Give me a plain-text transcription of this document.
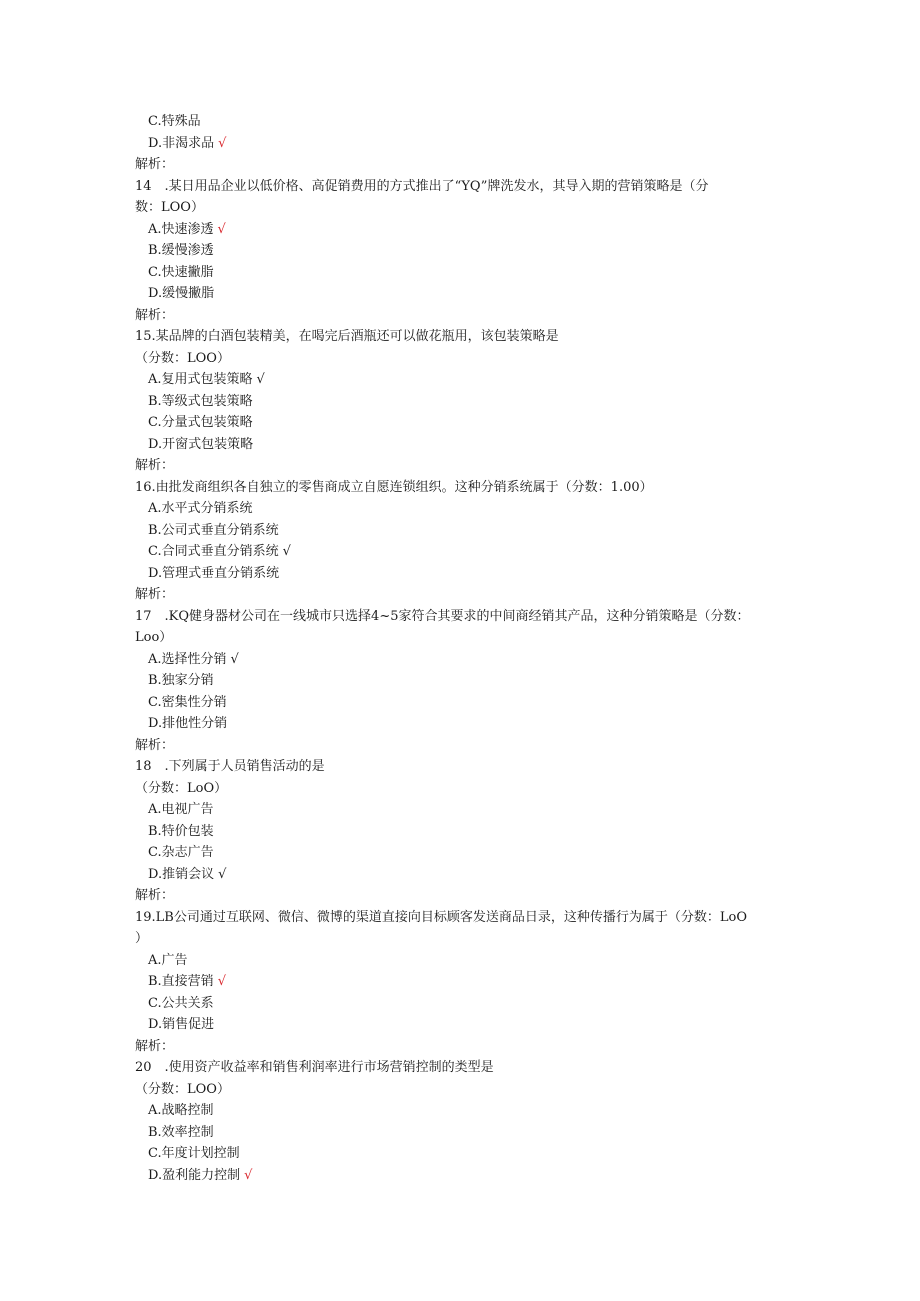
C.特殊品
D.非渴求品 √
解析：
14　.某日用品企业以低价格、高促销费用的方式推出了“YQ”牌洗发水，其导入期的营销策略是（分
数：LOO）
A.快速渗透 √
B.缓慢渗透
C.快速撇脂
D.缓慢撇脂
解析：
15.某品牌的白酒包装精美，在喝完后酒瓶还可以做花瓶用，该包装策略是
（分数：LOO）
A.复用式包装策略 √
B.等级式包装策略
C.分量式包装策略
D.开窗式包装策略
解析：
16.由批发商组织各自独立的零售商成立自愿连锁组织。这种分销系统属于（分数：1.00）
A.水平式分销系统
B.公司式垂直分销系统
C.合同式垂直分销系统 √
D.管理式垂直分销系统
解析：
17　.KQ健身器材公司在一线城市只选择4~5家符合其要求的中间商经销其产品，这种分销策略是（分数：
Loo）
A.选择性分销 √
B.独家分销
C.密集性分销
D.排他性分销
解析：
18　.下列属于人员销售活动的是
（分数：LoO）
A.电视广告
B.特价包装
C.杂志广告
D.推销会议 √
解析：
19.LB公司通过互联网、微信、微博的渠道直接向目标顾客发送商品日录，这种传播行为属于（分数：LoO
）
A.广告
B.直接营销 √
C.公共关系
D.销售促进
解析：
20　.使用资产收益率和销售利润率进行市场营销控制的类型是
（分数：LOO）
A.战略控制
B.效率控制
C.年度计划控制
D.盈利能力控制 √
